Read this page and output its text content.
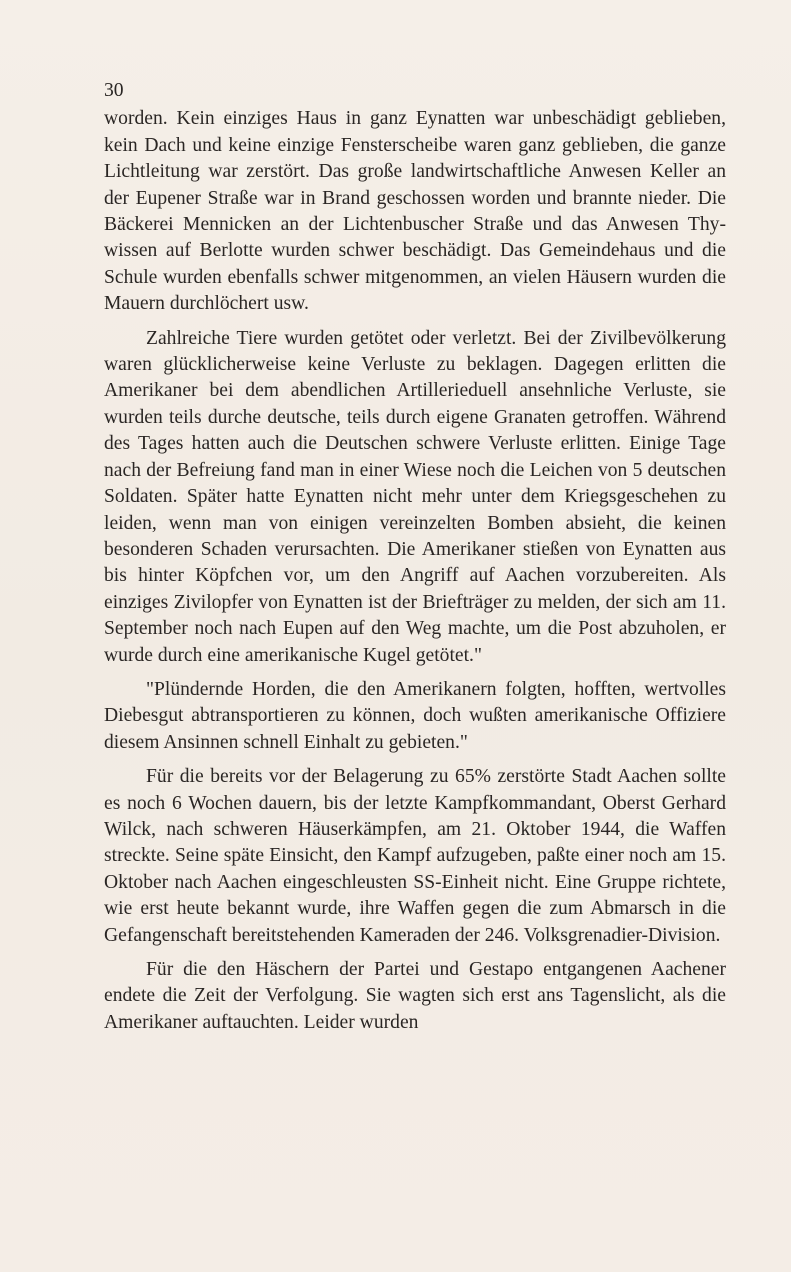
30

worden. Kein einziges Haus in ganz Eynatten war unbeschädigt geblieben, kein Dach und keine einzige Fensterscheibe waren ganz geblieben, die ganze Lichtleitung war zerstört. Das große landwirtschaftliche Anwesen Keller an der Eupener Straße war in Brand geschossen worden und brannte nieder. Die Bäckerei Mennicken an der Lichtenbuscher Straße und das Anwesen Thywissen auf Berlotte wurden schwer beschädigt. Das Gemeindehaus und die Schule wurden ebenfalls schwer mitgenommen, an vielen Häusern wurden die Mauern durchlöchert usw.

Zahlreiche Tiere wurden getötet oder verletzt. Bei der Zivilbevölkerung waren glücklicherweise keine Verluste zu beklagen. Dagegen erlitten die Amerikaner bei dem abendlichen Artillerieduell ansehnliche Verluste, sie wurden teils durche deutsche, teils durch eigene Granaten getroffen. Während des Tages hatten auch die Deutschen schwere Verluste erlitten. Einige Tage nach der Befreiung fand man in einer Wiese noch die Leichen von 5 deutschen Soldaten. Später hatte Eynatten nicht mehr unter dem Kriegsgeschehen zu leiden, wenn man von einigen vereinzelten Bomben absieht, die keinen besonderen Schaden verursachten. Die Amerikaner stießen von Eynatten aus bis hinter Köpfchen vor, um den Angriff auf Aachen vorzubereiten. Als einziges Zivilopfer von Eynatten ist der Briefträger zu melden, der sich am 11. September noch nach Eupen auf den Weg machte, um die Post abzuholen, er wurde durch eine amerikanische Kugel getötet."

"Plündernde Horden, die den Amerikanern folgten, hofften, wertvolles Diebesgut abtransportieren zu können, doch wußten amerikanische Offiziere diesem Ansinnen schnell Einhalt zu gebieten."

Für die bereits vor der Belagerung zu 65% zerstörte Stadt Aachen sollte es noch 6 Wochen dauern, bis der letzte Kampfkommandant, Oberst Gerhard Wilck, nach schweren Häuserkämpfen, am 21. Oktober 1944, die Waffen streckte. Seine späte Einsicht, den Kampf aufzugeben, paßte einer noch am 15. Oktober nach Aachen eingeschleusten SS-Einheit nicht. Eine Gruppe richtete, wie erst heute bekannt wurde, ihre Waffen gegen die zum Abmarsch in die Gefangenschaft bereitstehenden Kameraden der 246. Volksgrenadier-Division.

Für die den Häschern der Partei und Gestapo entgangenen Aachener endete die Zeit der Verfolgung. Sie wagten sich erst ans Tagenslicht, als die Amerikaner auftauchten. Leider wurden
